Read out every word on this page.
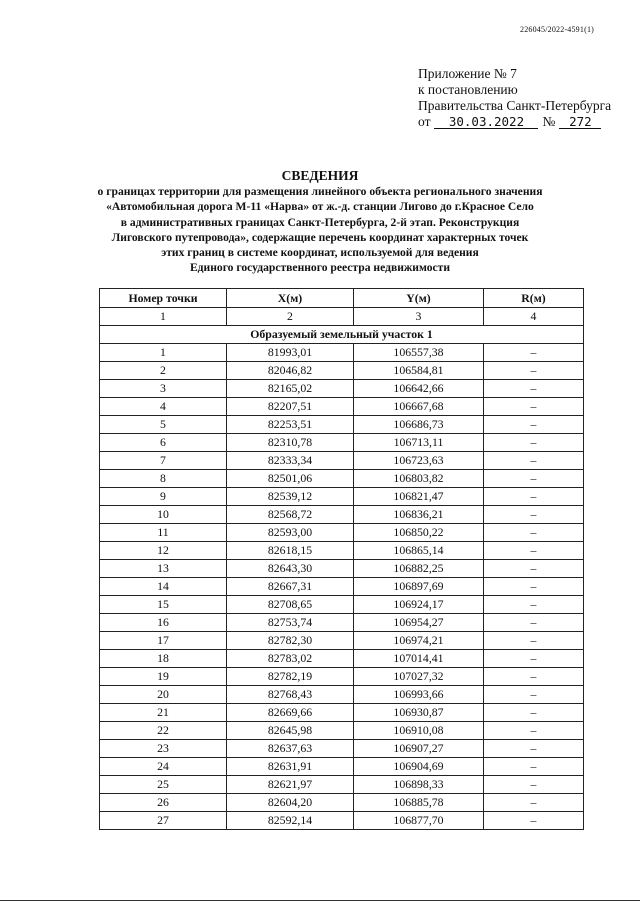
226045/2022-4591(1)
Приложение № 7
к постановлению
Правительства Санкт-Петербурга
от 30.03.2022 № 272
СВЕДЕНИЯ
о границах территории для размещения линейного объекта регионального значения
«Автомобильная дорога М-11 «Нарва» от ж.-д. станции Лигово до г.Красное Село
в административных границах Санкт-Петербурга, 2-й этап. Реконструкция
Лиговского путепровода», содержащие перечень координат характерных точек
этих границ в системе координат, используемой для ведения
Единого государственного реестра недвижимости
Номер точки	X(м)	Y(м)	R(м)
1	2	3	4
Образуемый земельный участок 1			
1	81993,01	106557,38	–
2	82046,82	106584,81	–
3	82165,02	106642,66	–
4	82207,51	106667,68	–
5	82253,51	106686,73	–
6	82310,78	106713,11	–
7	82333,34	106723,63	–
8	82501,06	106803,82	–
9	82539,12	106821,47	–
10	82568,72	106836,21	–
11	82593,00	106850,22	–
12	82618,15	106865,14	–
13	82643,30	106882,25	–
14	82667,31	106897,69	–
15	82708,65	106924,17	–
16	82753,74	106954,27	–
17	82782,30	106974,21	–
18	82783,02	107014,41	–
19	82782,19	107027,32	–
20	82768,43	106993,66	–
21	82669,66	106930,87	–
22	82645,98	106910,08	–
23	82637,63	106907,27	–
24	82631,91	106904,69	–
25	82621,97	106898,33	–
26	82604,20	106885,78	–
27	82592,14	106877,70	–
